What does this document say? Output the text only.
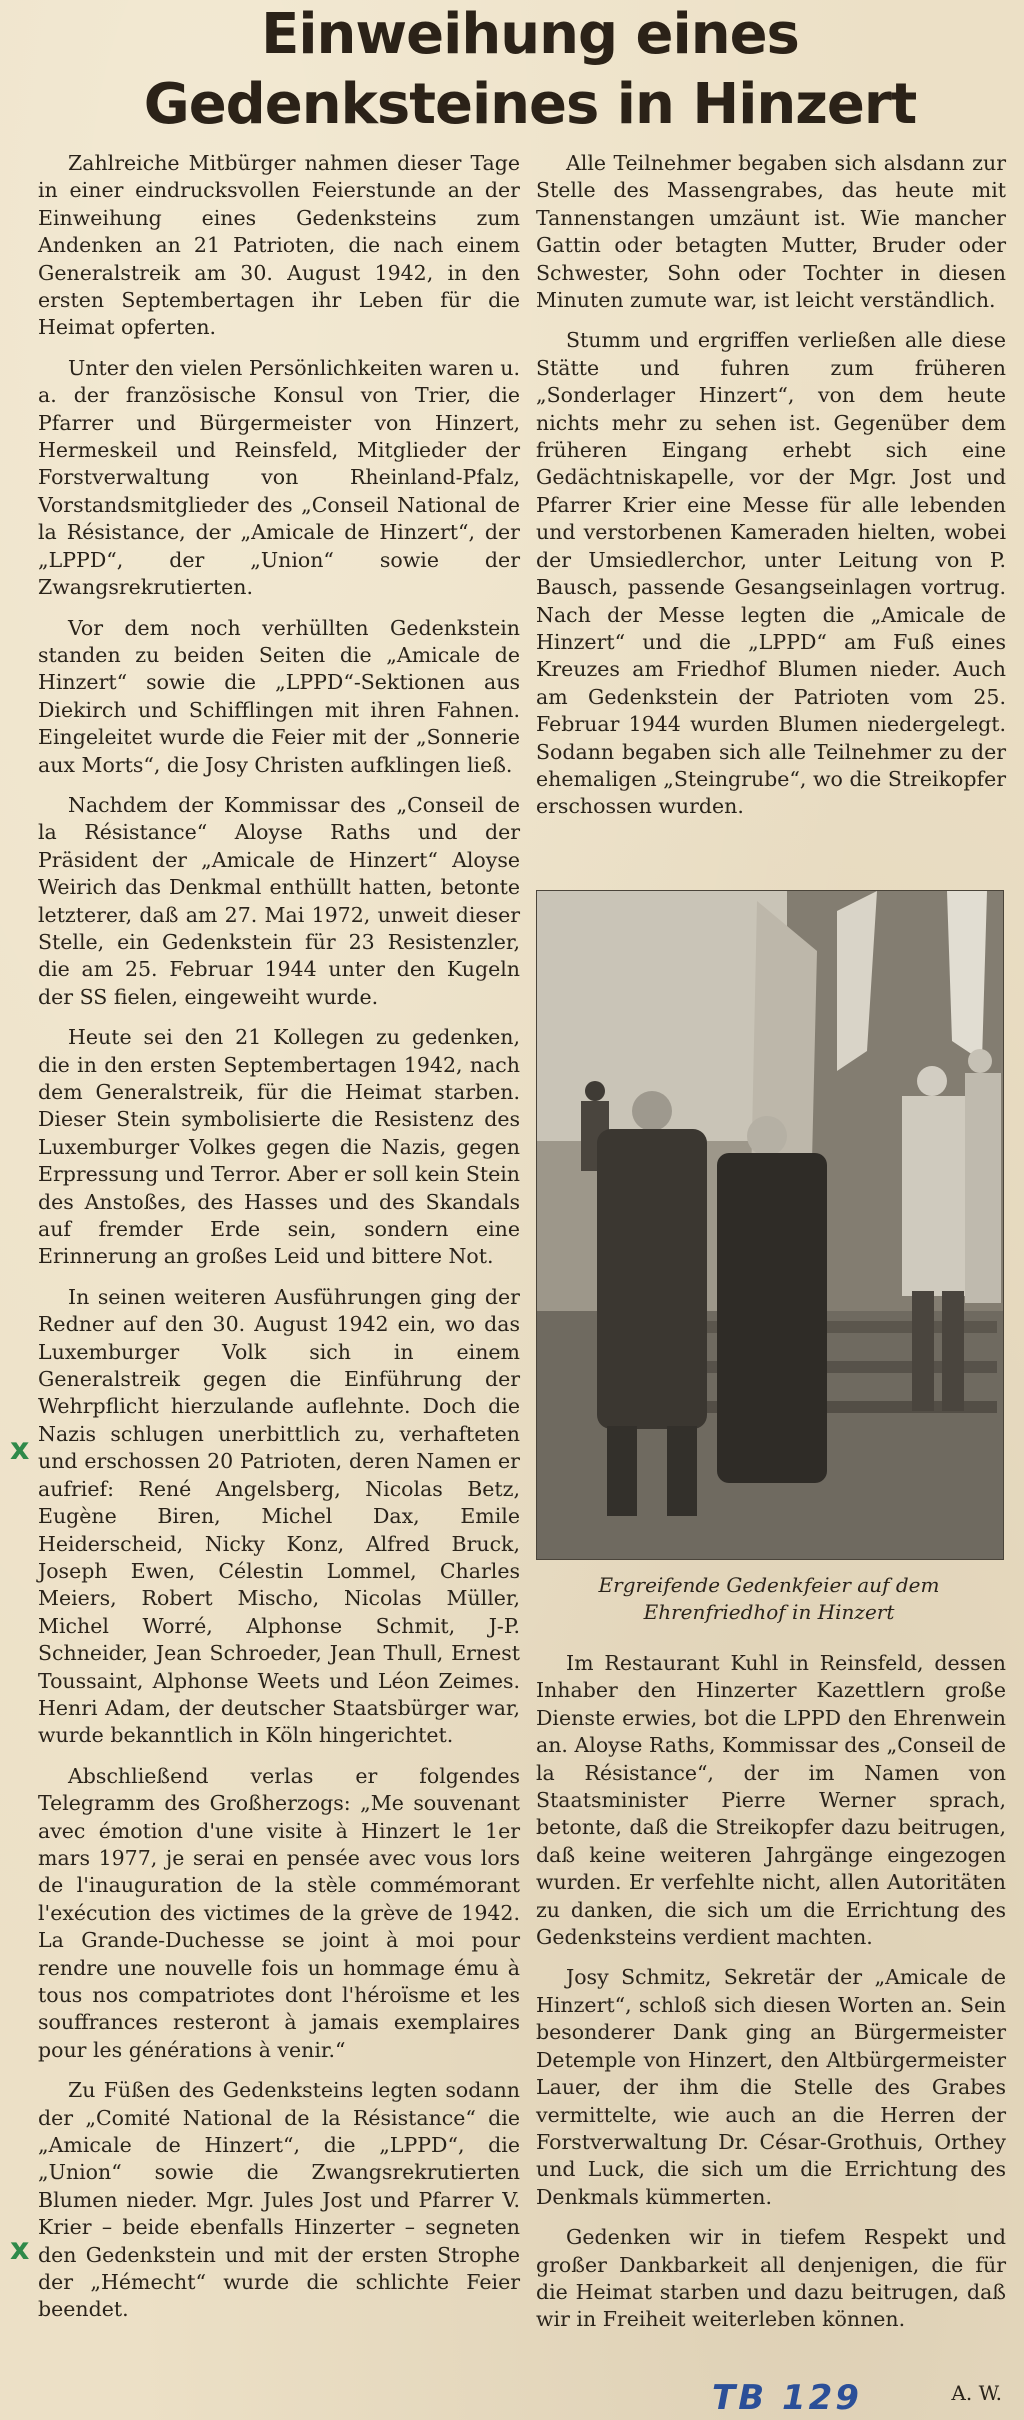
Einweihung eines Gedenksteines in Hinzert

Zahlreiche Mitbürger nahmen dieser Tage in einer eindrucksvollen Feierstunde an der Einweihung eines Gedenksteins zum Andenken an 21 Patrioten, die nach einem Generalstreik am 30. August 1942, in den ersten Septembertagen ihr Leben für die Heimat opferten.

Unter den vielen Persönlichkeiten waren u. a. der französische Konsul von Trier, die Pfarrer und Bürgermeister von Hinzert, Hermeskeil und Reinsfeld, Mitglieder der Forstverwaltung von Rheinland-Pfalz, Vorstandsmitglieder des „Conseil National de la Résistance, der „Amicale de Hinzert“, der „LPPD“, der „Union“ sowie der Zwangsrekrutierten.

Vor dem noch verhüllten Gedenkstein standen zu beiden Seiten die „Amicale de Hinzert“ sowie die „LPPD“-Sektionen aus Diekirch und Schifflingen mit ihren Fahnen. Eingeleitet wurde die Feier mit der „Sonnerie aux Morts“, die Josy Christen aufklingen ließ.

Nachdem der Kommissar des „Conseil de la Résistance“ Aloyse Raths und der Präsident der „Amicale de Hinzert“ Aloyse Weirich das Denkmal enthüllt hatten, betonte letzterer, daß am 27. Mai 1972, unweit dieser Stelle, ein Gedenkstein für 23 Resistenzler, die am 25. Februar 1944 unter den Kugeln der SS fielen, eingeweiht wurde.

Heute sei den 21 Kollegen zu gedenken, die in den ersten Septembertagen 1942, nach dem Generalstreik, für die Heimat starben. Dieser Stein symbolisierte die Resistenz des Luxemburger Volkes gegen die Nazis, gegen Erpressung und Terror. Aber er soll kein Stein des Anstoßes, des Hasses und des Skandals auf fremder Erde sein, sondern eine Erinnerung an großes Leid und bittere Not.

In seinen weiteren Ausführungen ging der Redner auf den 30. August 1942 ein, wo das Luxemburger Volk sich in einem Generalstreik gegen die Einführung der Wehrpflicht hierzulande auflehnte. Doch die Nazis schlugen unerbittlich zu, verhafteten und erschossen 20 Patrioten, deren Namen er aufrief: René Angelsberg, Nicolas Betz, Eugène Biren, Michel Dax, Emile Heiderscheid, Nicky Konz, Alfred Bruck, Joseph Ewen, Célestin Lommel, Charles Meiers, Robert Mischo, Nicolas Müller, Michel Worré, Alphonse Schmit, J-P. Schneider, Jean Schroeder, Jean Thull, Ernest Toussaint, Alphonse Weets und Léon Zeimes. Henri Adam, der deutscher Staatsbürger war, wurde bekanntlich in Köln hingerichtet.

Abschließend verlas er folgendes Telegramm des Großherzogs: „Me souvenant avec émotion d'une visite à Hinzert le 1er mars 1977, je serai en pensée avec vous lors de l'inauguration de la stèle commémorant l'exécution des victimes de la grève de 1942. La Grande-Duchesse se joint à moi pour rendre une nouvelle fois un hommage ému à tous nos compatriotes dont l'héroïsme et les souffrances resteront à jamais exemplaires pour les générations à venir.“

Zu Füßen des Gedenksteins legten sodann der „Comité National de la Résistance“ die „Amicale de Hinzert“, die „LPPD“, die „Union“ sowie die Zwangsrekrutierten Blumen nieder. Mgr. Jules Jost und Pfarrer V. Krier – beide ebenfalls Hinzerter – segneten den Gedenkstein und mit der ersten Strophe der „Hémecht“ wurde die schlichte Feier beendet.

Alle Teilnehmer begaben sich alsdann zur Stelle des Massengrabes, das heute mit Tannenstangen umzäunt ist. Wie mancher Gattin oder betagten Mutter, Bruder oder Schwester, Sohn oder Tochter in diesen Minuten zumute war, ist leicht verständlich.

Stumm und ergriffen verließen alle diese Stätte und fuhren zum früheren „Sonderlager Hinzert“, von dem heute nichts mehr zu sehen ist. Gegenüber dem früheren Eingang erhebt sich eine Gedächtniskapelle, vor der Mgr. Jost und Pfarrer Krier eine Messe für alle lebenden und verstorbenen Kameraden hielten, wobei der Umsiedlerchor, unter Leitung von P. Bausch, passende Gesangseinlagen vortrug. Nach der Messe legten die „Amicale de Hinzert“ und die „LPPD“ am Fuß eines Kreuzes am Friedhof Blumen nieder. Auch am Gedenkstein der Patrioten vom 25. Februar 1944 wurden Blumen niedergelegt. Sodann begaben sich alle Teilnehmer zu der ehemaligen „Steingrube“, wo die Streikopfer erschossen wurden.

Ergreifende Gedenkfeier auf dem Ehrenfriedhof in Hinzert

Im Restaurant Kuhl in Reinsfeld, dessen Inhaber den Hinzerter Kazettlern große Dienste erwies, bot die LPPD den Ehrenwein an. Aloyse Raths, Kommissar des „Conseil de la Résistance“, der im Namen von Staatsminister Pierre Werner sprach, betonte, daß die Streikopfer dazu beitrugen, daß keine weiteren Jahrgänge eingezogen wurden. Er verfehlte nicht, allen Autoritäten zu danken, die sich um die Errichtung des Gedenksteins verdient machten.

Josy Schmitz, Sekretär der „Amicale de Hinzert“, schloß sich diesen Worten an. Sein besonderer Dank ging an Bürgermeister Detemple von Hinzert, den Altbürgermeister Lauer, der ihm die Stelle des Grabes vermittelte, wie auch an die Herren der Forstverwaltung Dr. César-Grothuis, Orthey und Luck, die sich um die Errichtung des Denkmals kümmerten.

Gedenken wir in tiefem Respekt und großer Dankbarkeit all denjenigen, die für die Heimat starben und dazu beitrugen, daß wir in Freiheit weiterleben können.

A. W.
x
x
TB 129
